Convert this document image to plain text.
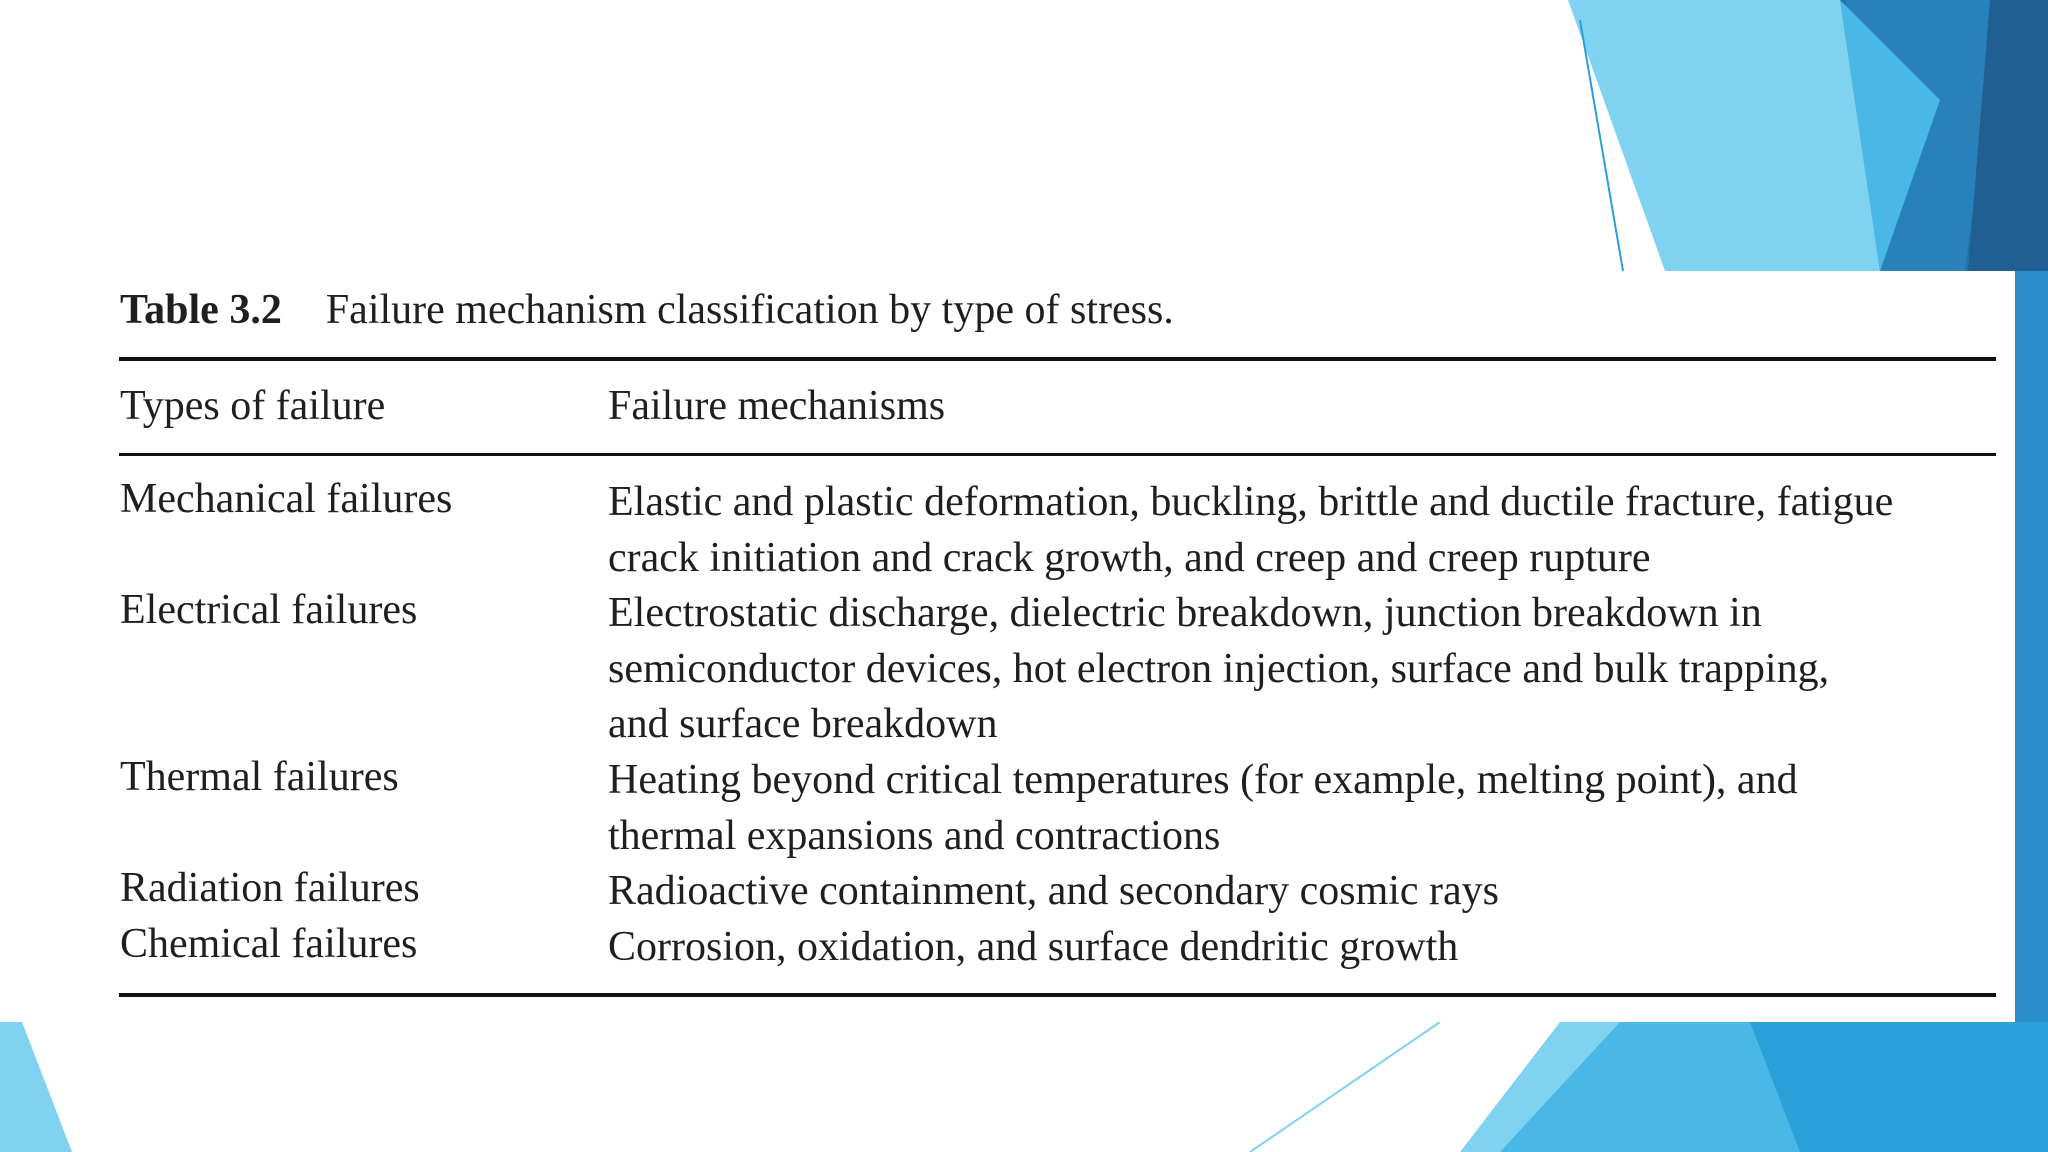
Table 3.2 Failure mechanism classification by type of stress.
Types of failure	Failure mechanisms
Mechanical failures	Elastic and plastic deformation, buckling, brittle and ductile fracture, fatigue
crack initiation and crack growth, and creep and creep rupture
Electrical failures	Electrostatic discharge, dielectric breakdown, junction breakdown in
semiconductor devices, hot electron injection, surface and bulk trapping,
and surface breakdown
Thermal failures	Heating beyond critical temperatures (for example, melting point), and
thermal expansions and contractions
Radiation failures	Radioactive containment, and secondary cosmic rays
Chemical failures	Corrosion, oxidation, and surface dendritic growth
